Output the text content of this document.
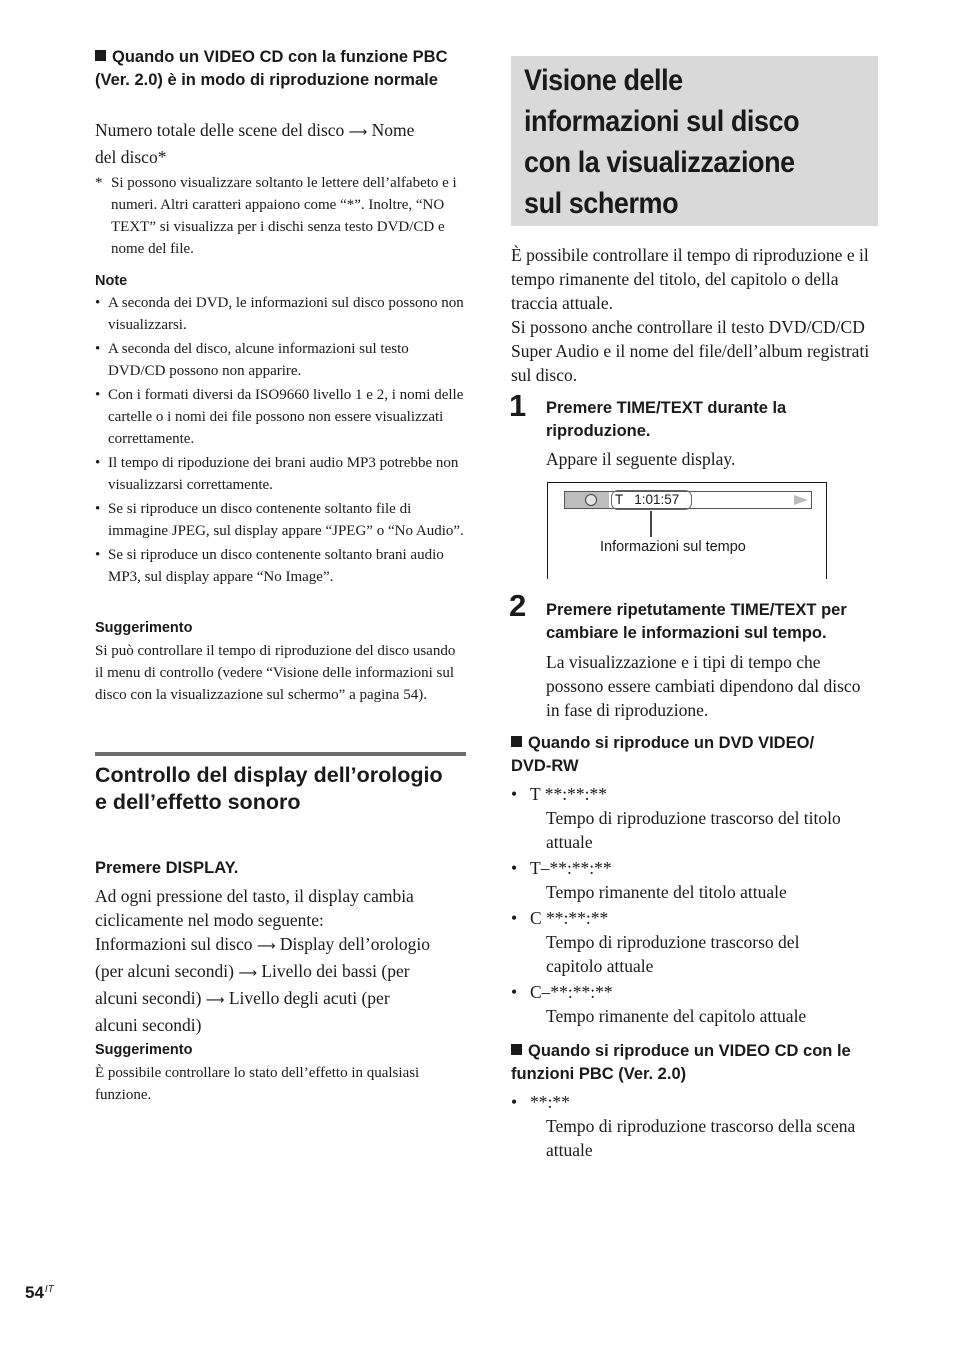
Quando un VIDEO CD con la funzione PBC (Ver. 2.0) è in modo di riproduzione normale
Numero totale delle scene del disco ⟶ Nome
del disco*
* Si possono visualizzare soltanto le lettere dell’alfabeto e i numeri. Altri caratteri appaiono come “*”. Inoltre, “NO TEXT” si visualizza per i dischi senza testo DVD/CD e nome del file.
Note
• A seconda dei DVD, le informazioni sul disco possono non visualizzarsi.
• A seconda del disco, alcune informazioni sul testo DVD/CD possono non apparire.
• Con i formati diversi da ISO9660 livello 1 e 2, i nomi delle cartelle o i nomi dei file possono non essere visualizzati correttamente.
• Il tempo di ripoduzione dei brani audio MP3 potrebbe non visualizzarsi correttamente.
• Se si riproduce un disco contenente soltanto file di immagine JPEG, sul display appare “JPEG” o “No Audio”.
• Se si riproduce un disco contenente soltanto brani audio MP3, sul display appare “No Image”.
Suggerimento
Si può controllare il tempo di riproduzione del disco usando il menu di controllo (vedere “Visione delle informazioni sul disco con la visualizzazione sul schermo” a pagina 54).
Controllo del display dell’orologio e dell’effetto sonoro
Premere DISPLAY.
Ad ogni pressione del tasto, il display cambia ciclicamente nel modo seguente:
Informazioni sul disco ⟶ Display dell’orologio
(per alcuni secondi) ⟶ Livello dei bassi (per
alcuni secondi) ⟶ Livello degli acuti (per
alcuni secondi)
Suggerimento
È possibile controllare lo stato dell’effetto in qualsiasi funzione.
Visione delle informazioni sul disco con la visualizzazione sul schermo
È possibile controllare il tempo di riproduzione e il tempo rimanente del titolo, del capitolo o della traccia attuale.
Si possono anche controllare il testo DVD/CD/CD Super Audio e il nome del file/dell’album registrati sul disco.
1 Premere TIME/TEXT durante la riproduzione.
Appare il seguente display.
T   1:01:57
Informazioni sul tempo
2 Premere ripetutamente TIME/TEXT per cambiare le informazioni sul tempo.
La visualizzazione e i tipi di tempo che possono essere cambiati dipendono dal disco in fase di riproduzione.
Quando si riproduce un DVD VIDEO/ DVD-RW
• T **:**:**
Tempo di riproduzione trascorso del titolo attuale
• T–**:**:**
Tempo rimanente del titolo attuale
• C **:**:**
Tempo di riproduzione trascorso del capitolo attuale
• C–**:**:**
Tempo rimanente del capitolo attuale
Quando si riproduce un VIDEO CD con le funzioni PBC (Ver. 2.0)
• **:**
Tempo di riproduzione trascorso della scena attuale
$54^{IT}$
